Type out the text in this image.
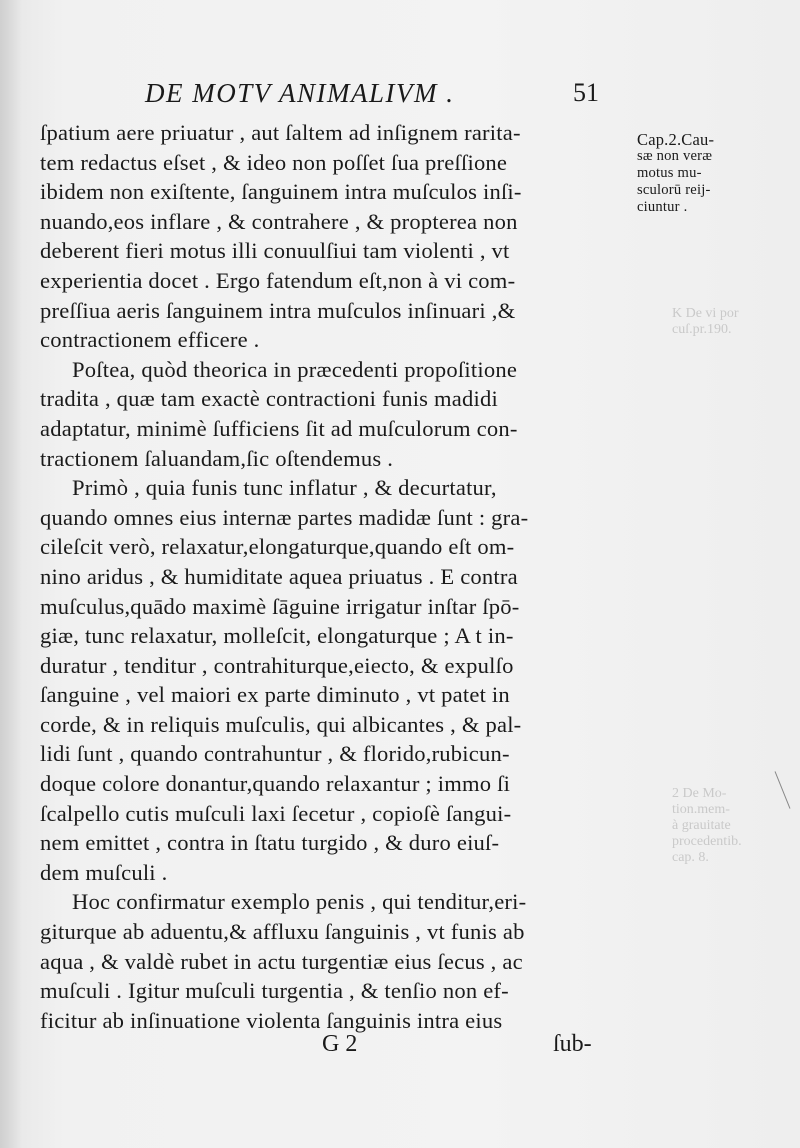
K De vi por
cuſ.pr.190.
2 De Mo-
tion.mem-
à grauitate
procedentib.
cap. 8.
DE MOTV ANIMALIVM .	51
Cap.2.Cau-
sæ non veræ
motus mu-
sculorū reij-
ciuntur .
ſpatium aere priuatur , aut ſaltem ad inſignem rarita-
tem redactus eſset , & ideo non poſſet ſua preſſione
ibidem non exiſtente, ſanguinem intra muſculos inſi-
nuando,eos inflare , & contrahere , & propterea non
deberent fieri motus illi conuulſiui tam violenti , vt
experientia docet . Ergo fatendum eſt,non à vi com-
preſſiua aeris ſanguinem intra muſculos inſinuari ,&
contractionem efficere .
Poſtea, quòd theorica in præcedenti propoſitione
tradita , quæ tam exactè contractioni funis madidi
adaptatur, minimè ſufficiens ſit ad muſculorum con-
tractionem ſaluandam,ſic oſtendemus .
Primò , quia funis tunc inflatur , & decurtatur,
quando omnes eius internæ partes madidæ ſunt : gra-
cileſcit verò, relaxatur,elongaturque,quando eſt om-
nino aridus , & humiditate aquea priuatus . E contra
muſculus,quādo maximè ſāguine irrigatur inſtar ſpō-
giæ, tunc relaxatur, molleſcit, elongaturque ; A t in-
duratur , tenditur , contrahiturque,eiecto, & expulſo
ſanguine , vel maiori ex parte diminuto , vt patet in
corde, & in reliquis muſculis, qui albicantes , & pal-
lidi ſunt , quando contrahuntur , & florido,rubicun-
doque colore donantur,quando relaxantur ; immo ſi
ſcalpello cutis muſculi laxi ſecetur , copioſè ſangui-
nem emittet , contra in ſtatu turgido , & duro eiuſ-
dem muſculi .
Hoc confirmatur exemplo penis , qui tenditur,eri-
giturque ab aduentu,& affluxu ſanguinis , vt funis ab
aqua , & valdè rubet in actu turgentiæ eius ſecus , ac
muſculi . Igitur muſculi turgentia , & tenſio non ef-
ficitur ab inſinuatione violenta ſanguinis intra eius
G 2	ſub-
